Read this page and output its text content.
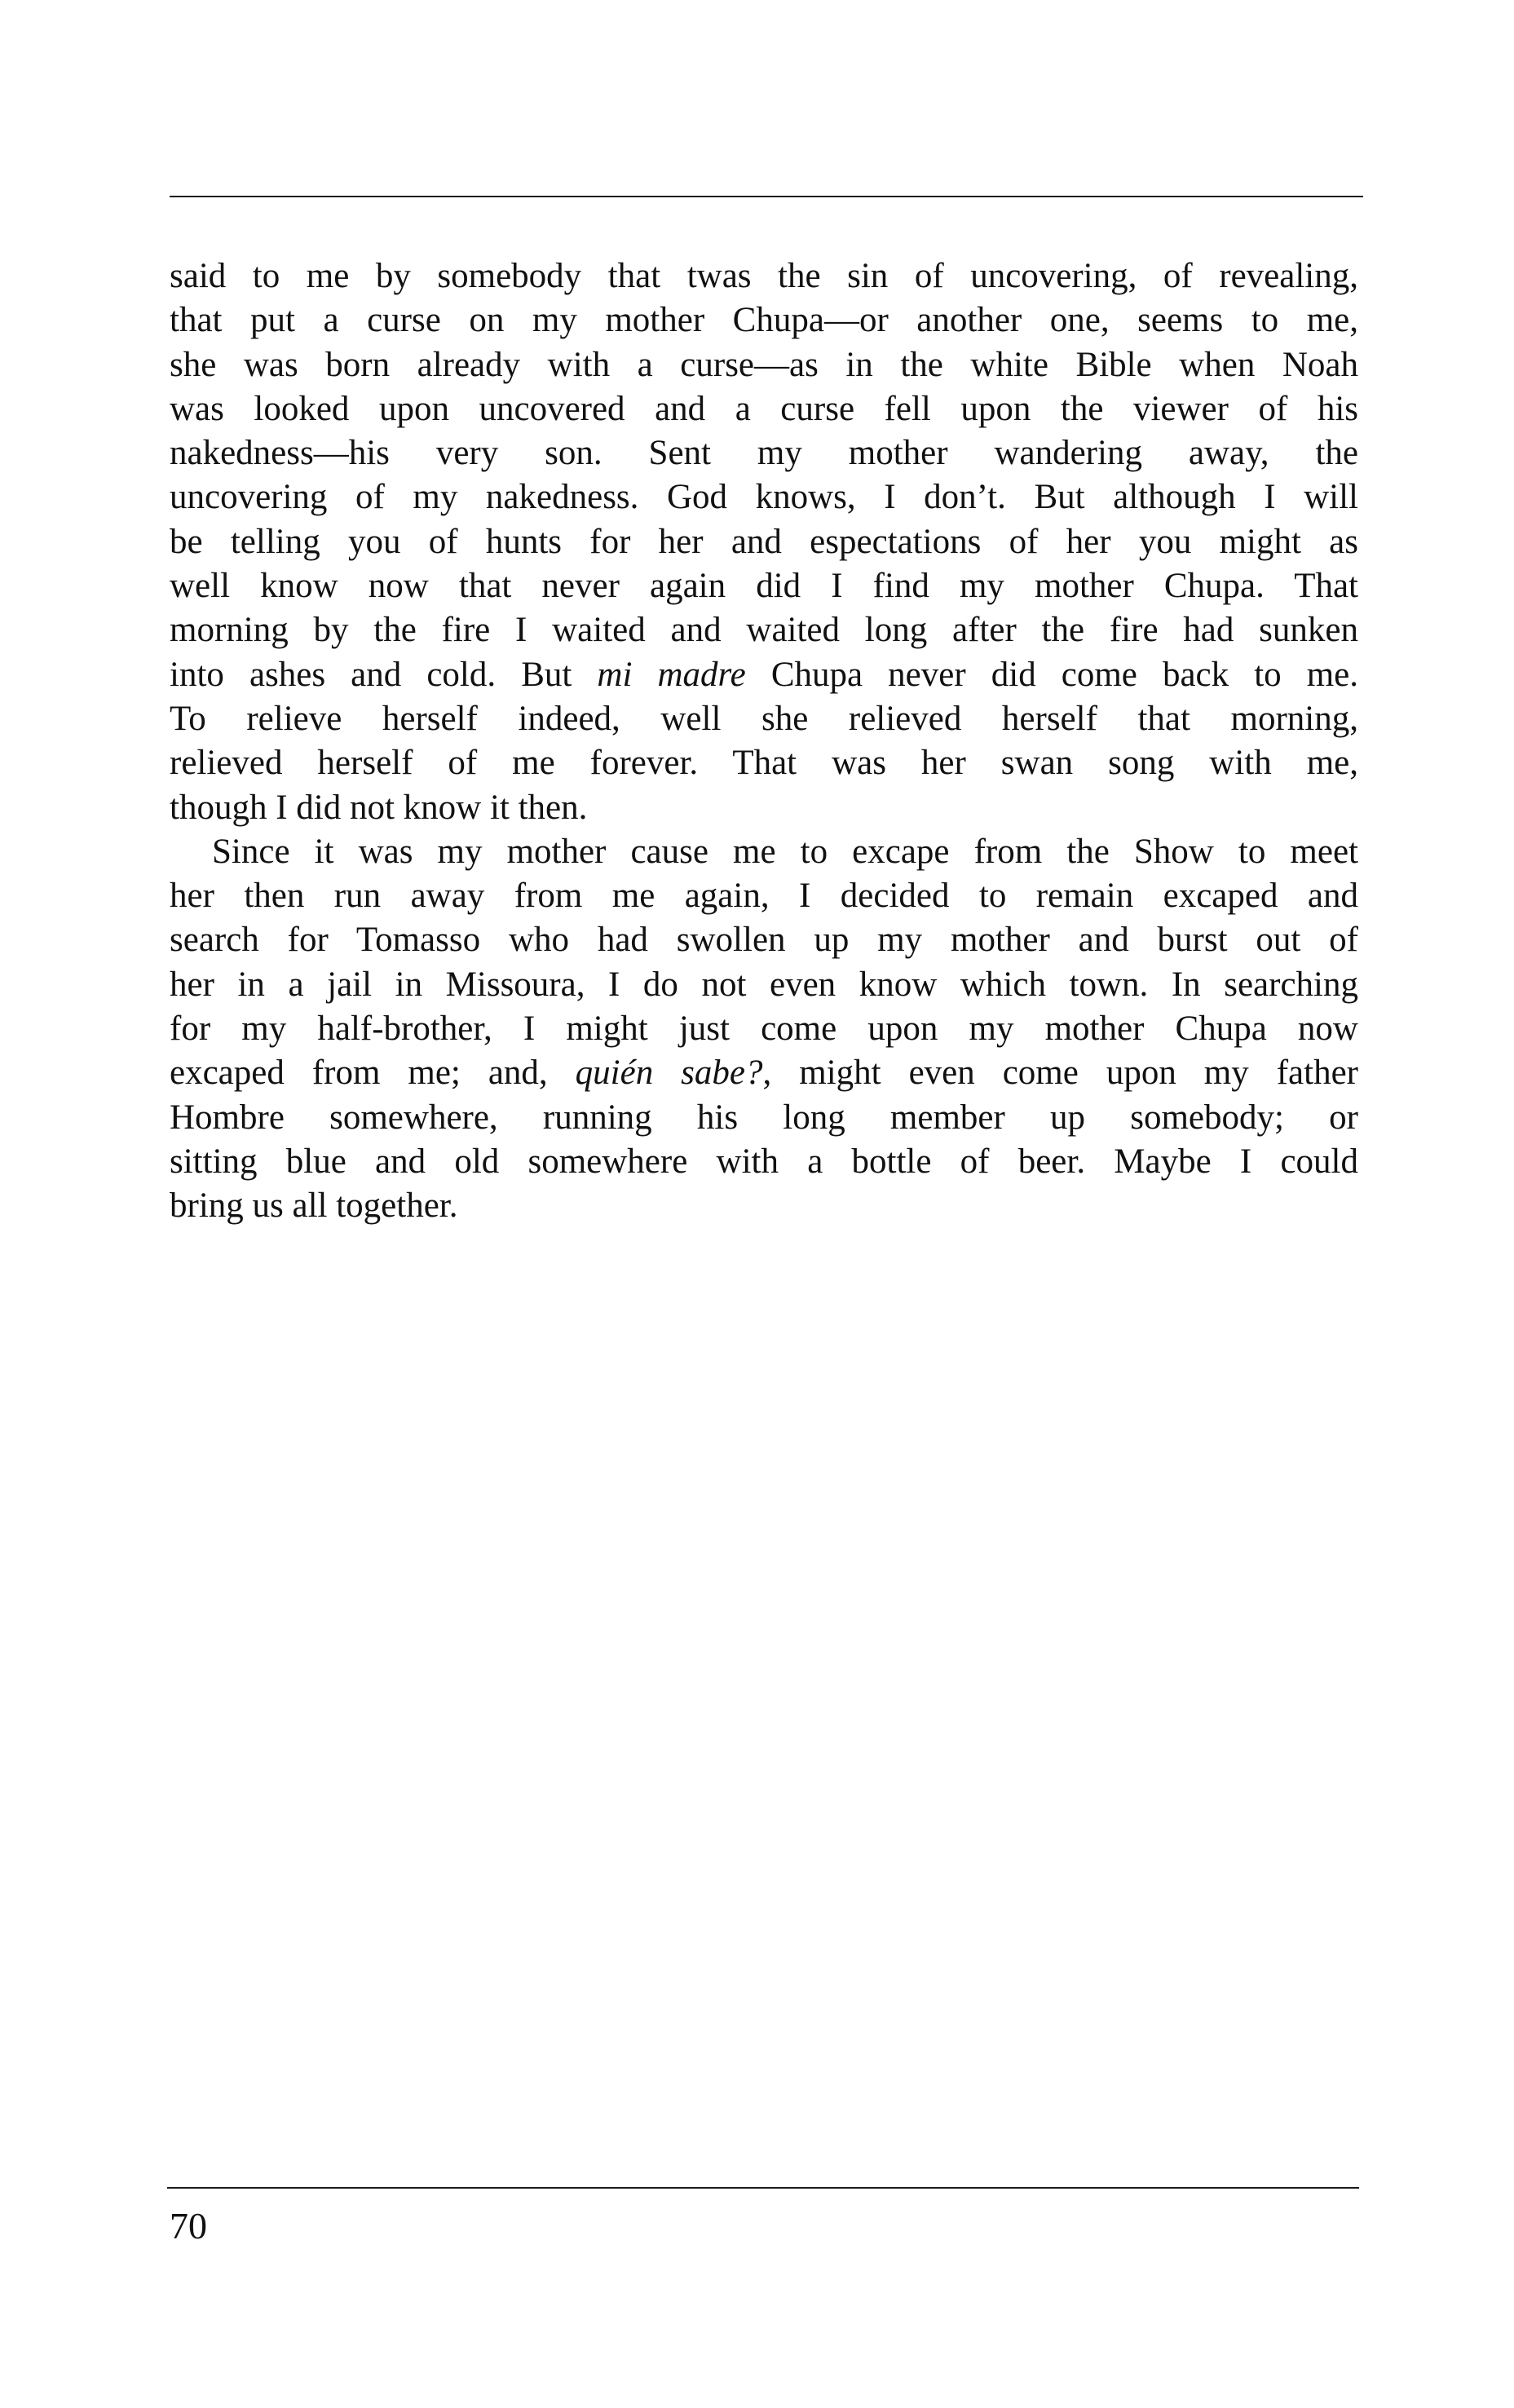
said to me by somebody that twas the sin of uncovering, of revealing,
that put a curse on my mother Chupa—or another one, seems to me,
she was born already with a curse—as in the white Bible when Noah
was looked upon uncovered and a curse fell upon the viewer of his
nakedness—his very son. Sent my mother wandering away, the
uncovering of my nakedness. God knows, I don’t. But although I will
be telling you of hunts for her and espectations of her you might as
well know now that never again did I find my mother Chupa. That
morning by the fire I waited and waited long after the fire had sunken
into ashes and cold. But mi madre Chupa never did come back to me.
To relieve herself indeed, well she relieved herself that morning,
relieved herself of me forever. That was her swan song with me,
though I did not know it then.
Since it was my mother cause me to excape from the Show to meet
her then run away from me again, I decided to remain excaped and
search for Tomasso who had swollen up my mother and burst out of
her in a jail in Missoura, I do not even know which town. In searching
for my half-brother, I might just come upon my mother Chupa now
excaped from me; and, quién sabe?, might even come upon my father
Hombre somewhere, running his long member up somebody; or
sitting blue and old somewhere with a bottle of beer. Maybe I could
bring us all together.
70
